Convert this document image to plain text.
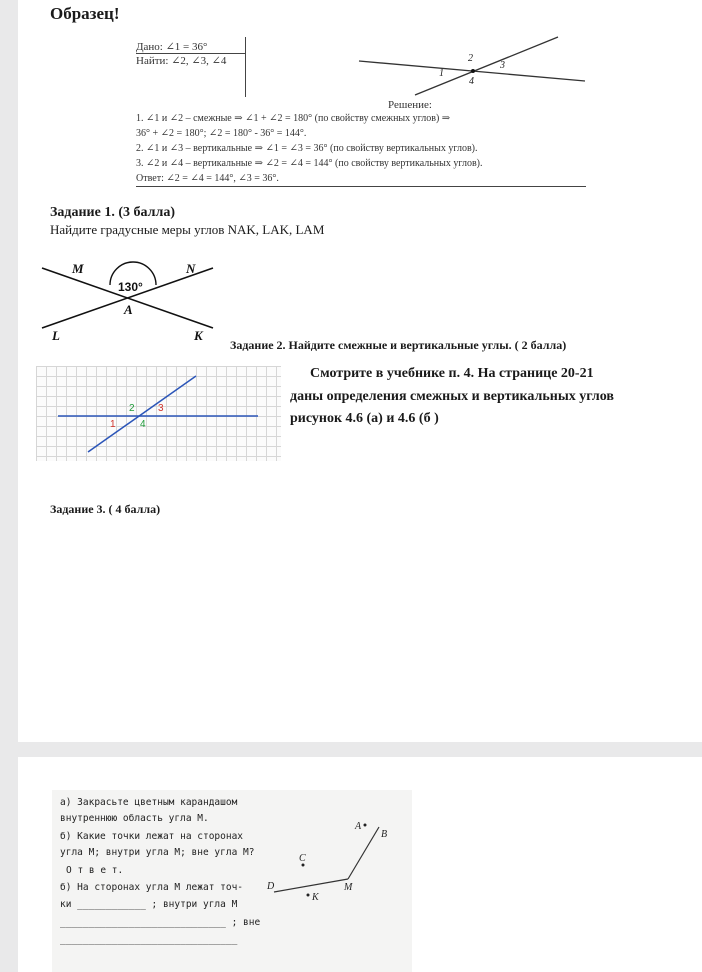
Образец!
Дано: ∠1 = 36°
Найти: ∠2, ∠3, ∠4
1
2
3
4
Решение:
1. ∠1 и ∠2 – смежные ⇒ ∠1 + ∠2 = 180° (по свойству смежных углов) ⇒
36° + ∠2 = 180°; ∠2 = 180° - 36° = 144°.
2. ∠1 и ∠3 – вертикальные ⇒ ∠1 = ∠3 = 36° (по свойству вертикальных углов).
3. ∠2 и ∠4 – вертикальные ⇒ ∠2 = ∠4 = 144° (по свойству вертикальных углов).
Ответ: ∠2 = ∠4 = 144°, ∠3 = 36°.
Задание 1. (3 балла)
Найдите градусные меры углов NAK, LAK, LAM
130°
M	N
A
L	K
Задание 2. Найдите смежные и вертикальные углы. ( 2 балла)
2 3
1 4
Смотрите в учебнике п. 4. На странице 20-21
даны определения смежных и вертикальных углов
рисунок 4.6 (а) и 4.6 (б )
Задание 3. ( 4 балла)
а) Закрасьте цветным карандашом
внутреннюю область угла M.
б) Какие точки лежат на сторонах
угла M; внутри угла M; вне угла M?
О т в е т.
б) На сторонах угла M лежат точ-
ки ____________ ; внутри угла M
_____________________________ ; вне
_______________________________
A
B
C
D	M
K
